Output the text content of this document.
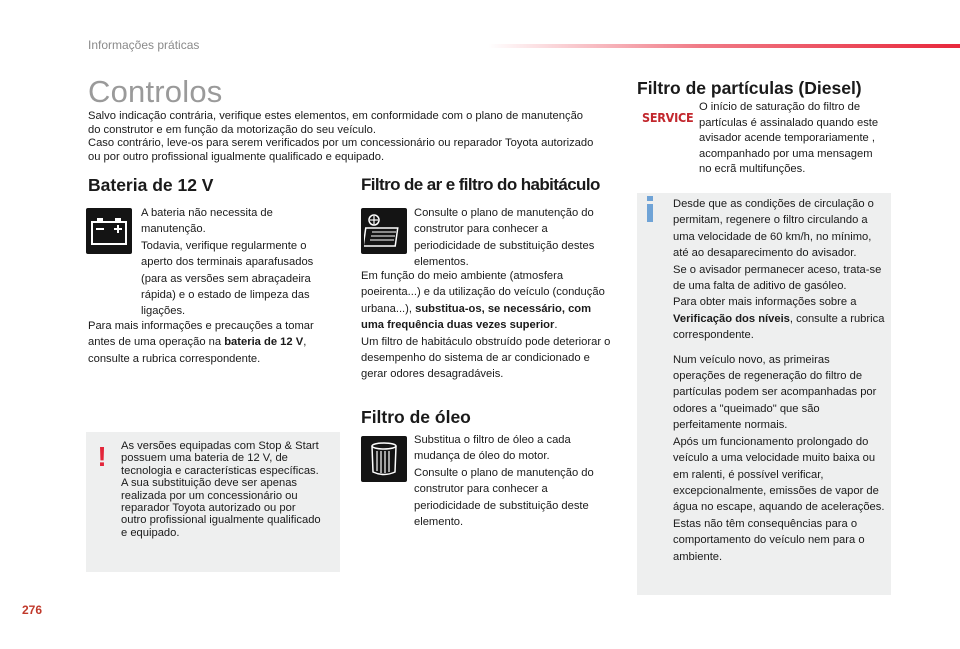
Informações práticas
Controlos
Salvo indicação contrária, verifique estes elementos, em conformidade com o plano de manutenção do construtor e em função da motorização do seu veículo.
Caso contrário, leve-os para serem verificados por um concessionário ou reparador Toyota autorizado ou por outro profissional igualmente qualificado e equipado.
Bateria de 12 V
A bateria não necessita de manutenção.
Todavia, verifique regularmente o aperto dos terminais aparafusados (para as versões sem abraçadeira rápida) e o estado de limpeza das ligações.
Para mais informações e precauções a tomar antes de uma operação na bateria de 12 V, consulte a rubrica correspondente.
! As versões equipadas com Stop & Start possuem uma bateria de 12 V, de tecnologia e características específicas.
A sua substituição deve ser apenas realizada por um concessionário ou reparador Toyota autorizado ou por outro profissional igualmente qualificado e equipado.
Filtro de ar e filtro do habitáculo
Consulte o plano de manutenção do construtor para conhecer a periodicidade de substituição destes elementos.
Em função do meio ambiente (atmosfera poeirenta...) e da utilização do veículo (condução urbana...), substitua-os, se necessário, com uma frequência duas vezes superior.
Um filtro de habitáculo obstruído pode deteriorar o desempenho do sistema de ar condicionado e gerar odores desagradáveis.
Filtro de óleo
Substitua o filtro de óleo a cada mudança de óleo do motor.
Consulte o plano de manutenção do construtor para conhecer a periodicidade de substituição deste elemento.
Filtro de partículas (Diesel)
SERVICE
O início de saturação do filtro de partículas é assinalado quando este avisador acende temporariamente , acompanhado por uma mensagem no ecrã multifunções.
Desde que as condições de circulação o permitam, regenere o filtro circulando a uma velocidade de 60 km/h, no mínimo, até ao desaparecimento do avisador.
Se o avisador permanecer aceso, trata-se de uma falta de aditivo de gasóleo.
Para obter mais informações sobre a Verificação dos níveis, consulte a rubrica correspondente.
Num veículo novo, as primeiras operações de regeneração do filtro de partículas podem ser acompanhadas por odores a "queimado" que são perfeitamente normais.
Após um funcionamento prolongado do veículo a uma velocidade muito baixa ou em ralenti, é possível verificar, excepcionalmente, emissões de vapor de água no escape, aquando de acelerações. Estas não têm consequências para o comportamento do veículo nem para o ambiente.
276
